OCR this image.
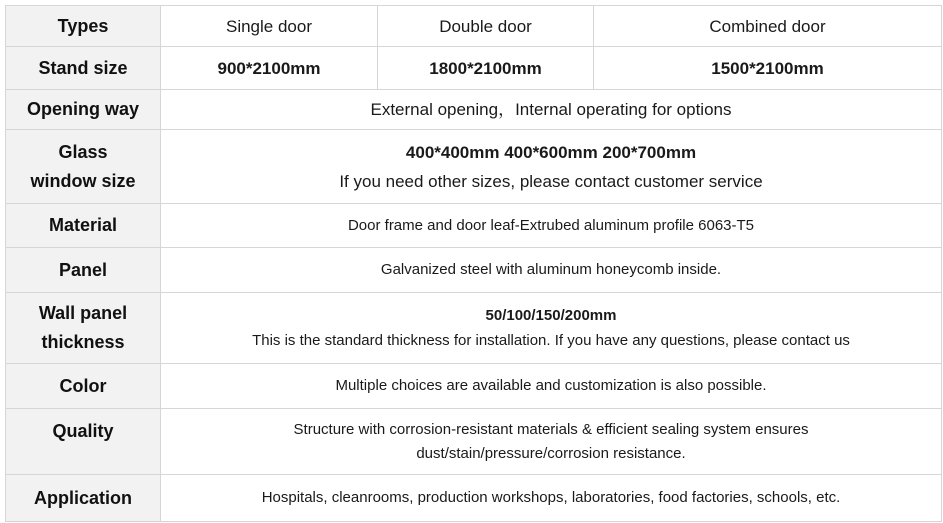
Types	Single door	Double door	Combined door
Stand size	900*2100mm	1800*2100mm	1500*2100mm
Opening way	External opening，Internal operating for options		

Glass
window size	400*400mm 400*600mm 200*700mm
If you need other sizes, please contact customer service		

Material	Door frame and door leaf-Extrubed aluminum profile 6063-T5		
Panel	Galvanized steel with aluminum honeycomb inside.		

Wall panel
thickness	50/100/150/200mm
This is the standard thickness for installation. If you have any questions, please contact us		

Color	Multiple choices are available and customization is also possible.		
Quality	Structure with corrosion-resistant materials & efficient sealing system ensures
dust/stain/pressure/corrosion resistance.		

Application	Hospitals, cleanrooms, production workshops, laboratories, food factories, schools, etc.		
